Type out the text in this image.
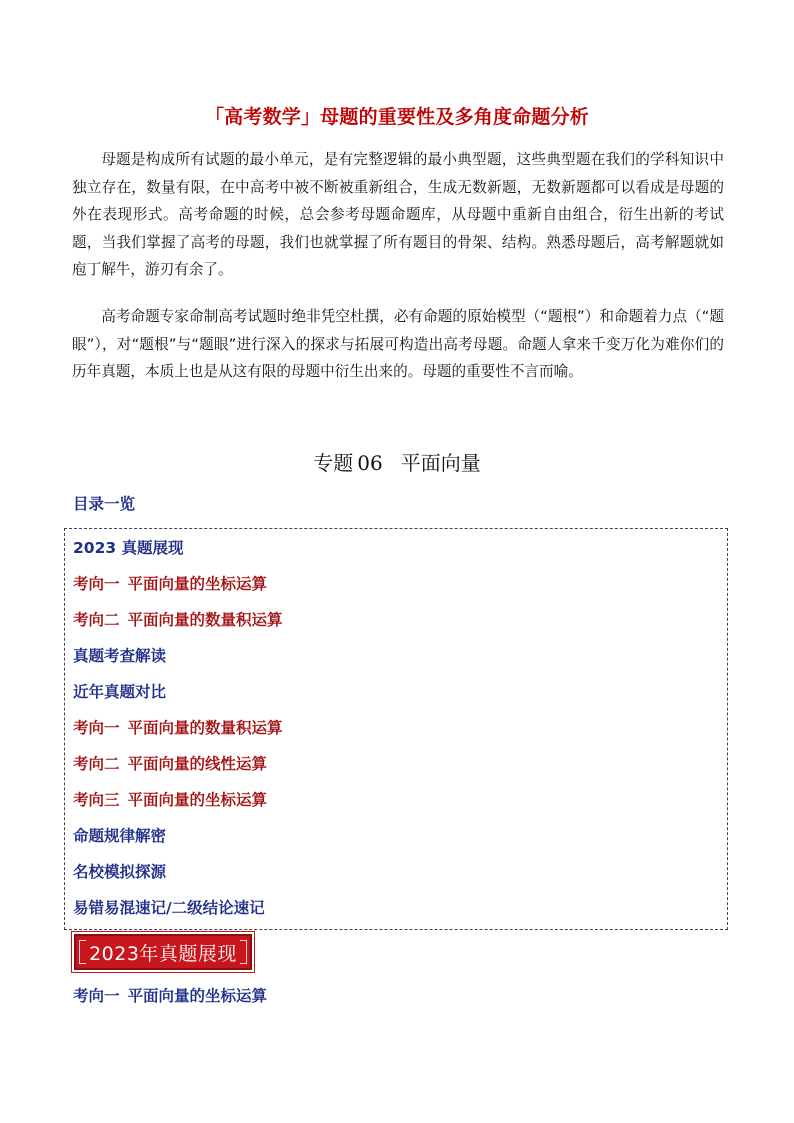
「高考数学」母题的重要性及多角度命题分析

母题是构成所有试题的最小单元，是有完整逻辑的最小典型题，这些典型题在我们的学科知识中独立存在，数量有限，在中高考中被不断被重新组合，生成无数新题，无数新题都可以看成是母题的外在表现形式。高考命题的时候，总会参考母题命题库，从母题中重新自由组合，衍生出新的考试题，当我们掌握了高考的母题，我们也就掌握了所有题目的骨架、结构。熟悉母题后，高考解题就如庖丁解牛，游刃有余了。

高考命题专家命制高考试题时绝非凭空杜撰，必有命题的原始模型（“题根”）和命题着力点（“题眼”），对“题根”与“题眼”进行深入的探求与拓展可构造出高考母题。命题人拿来千变万化为难你们的历年真题，本质上也是从这有限的母题中衍生出来的。母题的重要性不言而喻。

专题 06 平面向量
目录一览
2023 真题展现
考向一 平面向量的坐标运算
考向二 平面向量的数量积运算
真题考查解读
近年真题对比
考向一 平面向量的数量积运算
考向二 平面向量的线性运算
考向三 平面向量的坐标运算
命题规律解密
名校模拟探源
易错易混速记/二级结论速记
2023年真题展现
考向一 平面向量的坐标运算
